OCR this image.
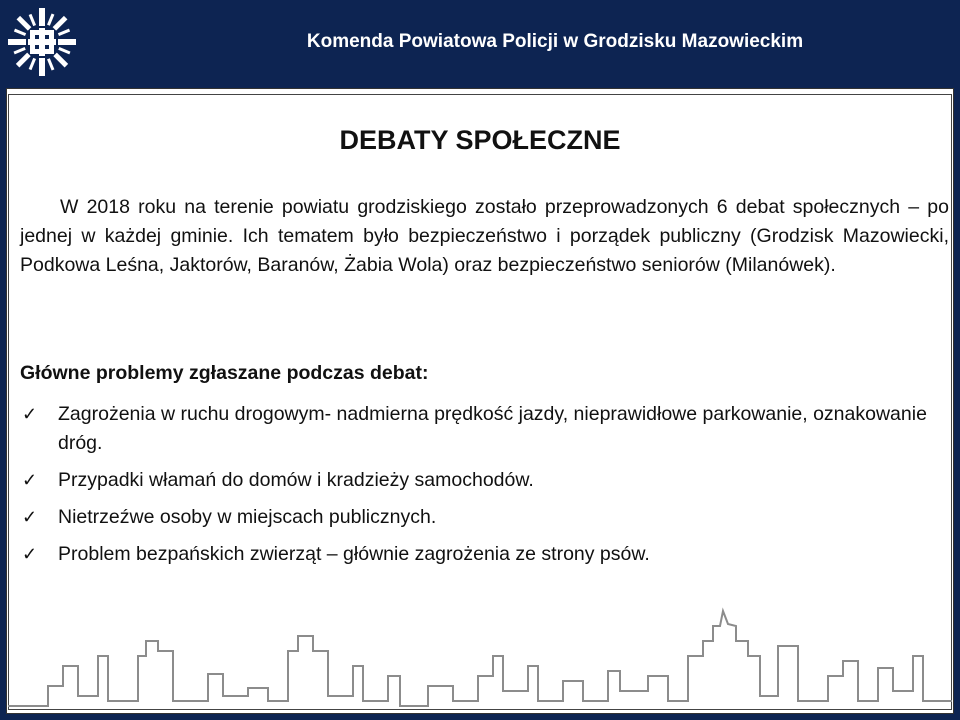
Komenda Powiatowa Policji w Grodzisku Mazowieckim
DEBATY SPOŁECZNE
W 2018 roku na terenie powiatu grodziskiego zostało przeprowadzonych 6 debat społecznych – po jednej w każdej gminie. Ich tematem było bezpieczeństwo i porządek publiczny (Grodzisk Mazowiecki, Podkowa Leśna, Jaktorów, Baranów, Żabia Wola) oraz bezpieczeństwo seniorów (Milanówek).
Główne problemy zgłaszane podczas debat:
✓ Zagrożenia w ruchu drogowym- nadmierna prędkość jazdy, nieprawidłowe parkowanie, oznakowanie dróg.
✓ Przypadki włamań do domów i kradzieży samochodów.
✓ Nietrzeźwe osoby w miejscach publicznych.
✓ Problem bezpańskich zwierząt – głównie zagrożenia ze strony psów.
